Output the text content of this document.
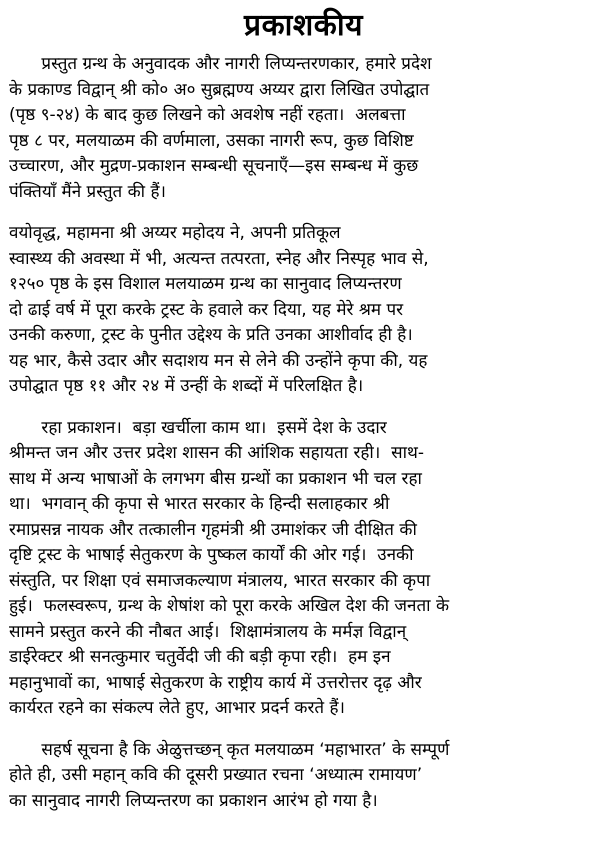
प्रकाशकीय
प्रस्तुत ग्रन्थ के अनुवादक और नागरी लिप्यन्तरणकार, हमारे प्रदेश
के प्रकाण्ड विद्वान् श्री को० अ० सुब्रह्मण्य अय्यर द्वारा लिखित उपोद्घात
(पृष्ठ ९-२४) के बाद कुछ लिखने को अवशेष नहीं रहता।  अलबत्ता
पृष्ठ ८ पर, मलयाळम की वर्णमाला, उसका नागरी रूप, कुछ विशिष्ट
उच्चारण, और मुद्रण-प्रकाशन सम्बन्धी सूचनाएँ—इस सम्बन्ध में कुछ
पंक्तियाँ मैंने प्रस्तुत की हैं।
वयोवृद्ध, महामना श्री अय्यर महोदय ने, अपनी प्रतिकूल
स्वास्थ्य की अवस्था में भी, अत्यन्त तत्परता, स्नेह और निस्पृह भाव से,
१२५० पृष्ठ के इस विशाल मलयाळम ग्रन्थ का सानुवाद लिप्यन्तरण
दो ढाई वर्ष में पूरा करके ट्रस्ट के हवाले कर दिया, यह मेरे श्रम पर
उनकी करुणा, ट्रस्ट के पुनीत उद्देश्य के प्रति उनका आशीर्वाद ही है।
यह भार, कैसे उदार और सदाशय मन से लेने की उन्होंने कृपा की, यह
उपोद्घात पृष्ठ ११ और २४ में उन्हीं के शब्दों में परिलक्षित है।
रहा प्रकाशन।  बड़ा खर्चीला काम था।  इसमें देश के उदार
श्रीमन्त जन और उत्तर प्रदेश शासन की आंशिक सहायता रही।  साथ-
साथ में अन्य भाषाओं के लगभग बीस ग्रन्थों का प्रकाशन भी चल रहा
था।  भगवान् की कृपा से भारत सरकार के हिन्दी सलाहकार श्री
रमाप्रसन्न नायक और तत्कालीन गृहमंत्री श्री उमाशंकर जी दीक्षित की
दृष्टि ट्रस्ट के भाषाई सेतुकरण के पुष्कल कार्यों की ओर गई।  उनकी
संस्तुति, पर शिक्षा एवं समाजकल्याण मंत्रालय, भारत सरकार की कृपा
हुई।  फलस्वरूप, ग्रन्थ के शेषांश को पूरा करके अखिल देश की जनता के
सामने प्रस्तुत करने की नौबत आई।  शिक्षामंत्रालय के मर्मज्ञ विद्वान्
डाईरेक्टर श्री सनत्कुमार चतुर्वेदी जी की बड़ी कृपा रही।  हम इन
महानुभावों का, भाषाई सेतुकरण के राष्ट्रीय कार्य में उत्तरोत्तर दृढ़ और
कार्यरत रहने का संकल्प लेते हुए, आभार प्रदर्न करते हैं।
सहर्ष सूचना है कि अेळुत्तच्छन् कृत मलयाळम ‘महाभारत’ के सम्पूर्ण
होते ही, उसी महान् कवि की दूसरी प्रख्यात रचना ‘अध्यात्म रामायण’
का सानुवाद नागरी लिप्यन्तरण का प्रकाशन आरंभ हो गया है।
